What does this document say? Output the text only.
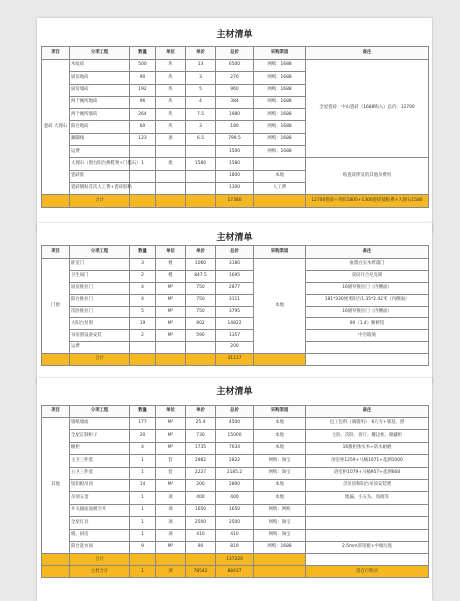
主材清单
项目	分项工程	数量	单位	单价	总价	采购渠道	备注
瓷砖 大理石	木纹砖	500	块	13	6500	网购：1688	全屋瓷砖：中山瓷砖（1688购入）总价：12700
	厨房地砖	90	块	3	270	网购：1688	
	厨房墙砖	192	块	5	960	网购：1688	
	两个厕所地砖	96	块	4	384	网购：1688	
	两个厕所墙砖	264	块	7.5	1980	网购：1688	
	阳台地砖	60	块	3	180	网购：1688	
	踢脚线	123	条	6.5	799.5	网购：1688	
	运费				1500	网购：1688	
	大理石（窗台阳台换鞋凳+门槛石）	1	批	1580	1580		贴瓷砖涉及的其他杂费用
	瓷砖胶				1800	本地	
	瓷砖铺贴首次人工费+瓷砖胶粘				1300	人工费	
	合计				17380		12700瓷砖+背胶1800+1300瓷砖铺贴费+大理石1580
主材清单
项目	分项工程	数量	单位	单价	总价	采购渠道	备注
门窗	卧室门	3	樘	1060	3180	本地	豪派白实木烤漆门
	卫生间门	2	樘	847.5	1695		双向开合尼克锁
	厨房推拉门	4	M²	750	2877		16极窄推拉门（内侧面）
	阳台推拉门	4	M²	750	3111		181*330厘米阳台1.35*2.42米（内侧面）
	次卧推拉门	5	M²	750	3795		16极窄推拉门（内侧面）
	大阳台封窗	19	M²	802	14822		90（1.4）断桥铝
	书房窗设备安装	2	M²	590	1357		中空玻璃
	运费				200		
	合计				31137		
主材清单
项目	分项工程	数量	单位	单价	总价	采购渠道	备注
其他	墙纸墙面	177	M²	25.4	4500	本地	包工包料（满墙用）：6万方+墙基、窗
	全屋定制柜子	20	M²	730	15000	本地	主卧、次卧、客厅、餐边柜、储藏柜
	橱柜	4	M²	1735	7634	本地	16极柜体实木+防水耐磨
	主卫三件套	1	套	2882	2822	网购：淘宝	浴室柜1259+马桶1071+花洒1000
	公卫三件套	1	套	2227	2185.2	网购：淘宝	浴室柜1079+马桶957+花洒668
	铝扣板吊顶	14	M²	200	2800	本地	含吊顶和阳台吊顶安装费
	杂项五金	1	项	400	400	本地	地漏、小五头、角阀等
	开关插座面板空开	1	项	1650	1650	网购：网购	
	全屋灯具	1	项	2500	2500	网购：淘宝	
	模、厨房	1	项	410	410	网购：淘宝	
	阳台洗衣间	9	M²	90	819	网购：1688	2.5mm厚铝板+中端垃圾
	合计				137220		
	主材合计	1	项	78542	88437		需自行购买
